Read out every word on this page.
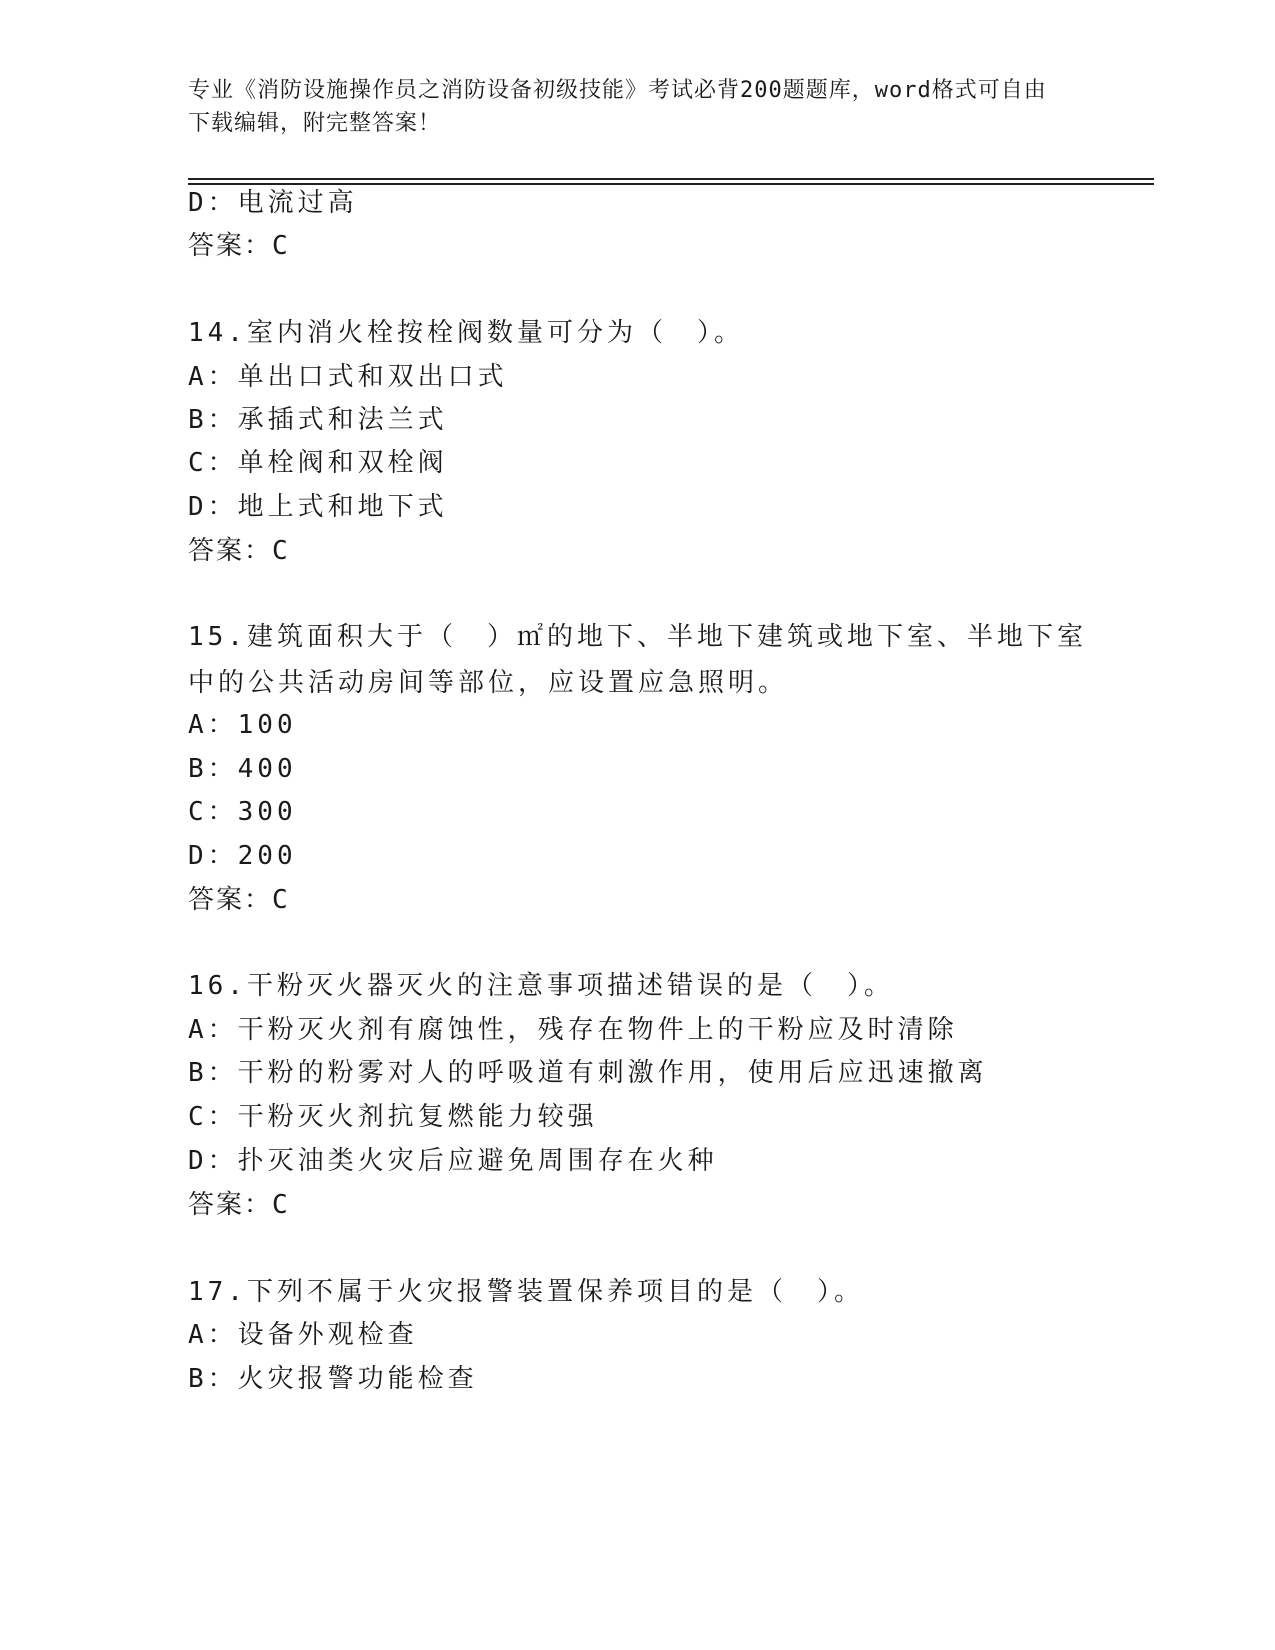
专业《消防设施操作员之消防设备初级技能》考试必背200题题库，word格式可自由下载编辑，附完整答案！
D：电流过高
答案：C
14.室内消火栓按栓阀数量可分为（　）。
A：单出口式和双出口式
B：承插式和法兰式
C：单栓阀和双栓阀
D：地上式和地下式
答案：C
15.建筑面积大于（　）㎡的地下、半地下建筑或地下室、半地下室中的公共活动房间等部位，应设置应急照明。
A：100
B：400
C：300
D：200
答案：C
16.干粉灭火器灭火的注意事项描述错误的是（　）。
A：干粉灭火剂有腐蚀性，残存在物件上的干粉应及时清除
B：干粉的粉雾对人的呼吸道有刺激作用，使用后应迅速撤离
C：干粉灭火剂抗复燃能力较强
D：扑灭油类火灾后应避免周围存在火种
答案：C
17.下列不属于火灾报警装置保养项目的是（　）。
A：设备外观检查
B：火灾报警功能检查
